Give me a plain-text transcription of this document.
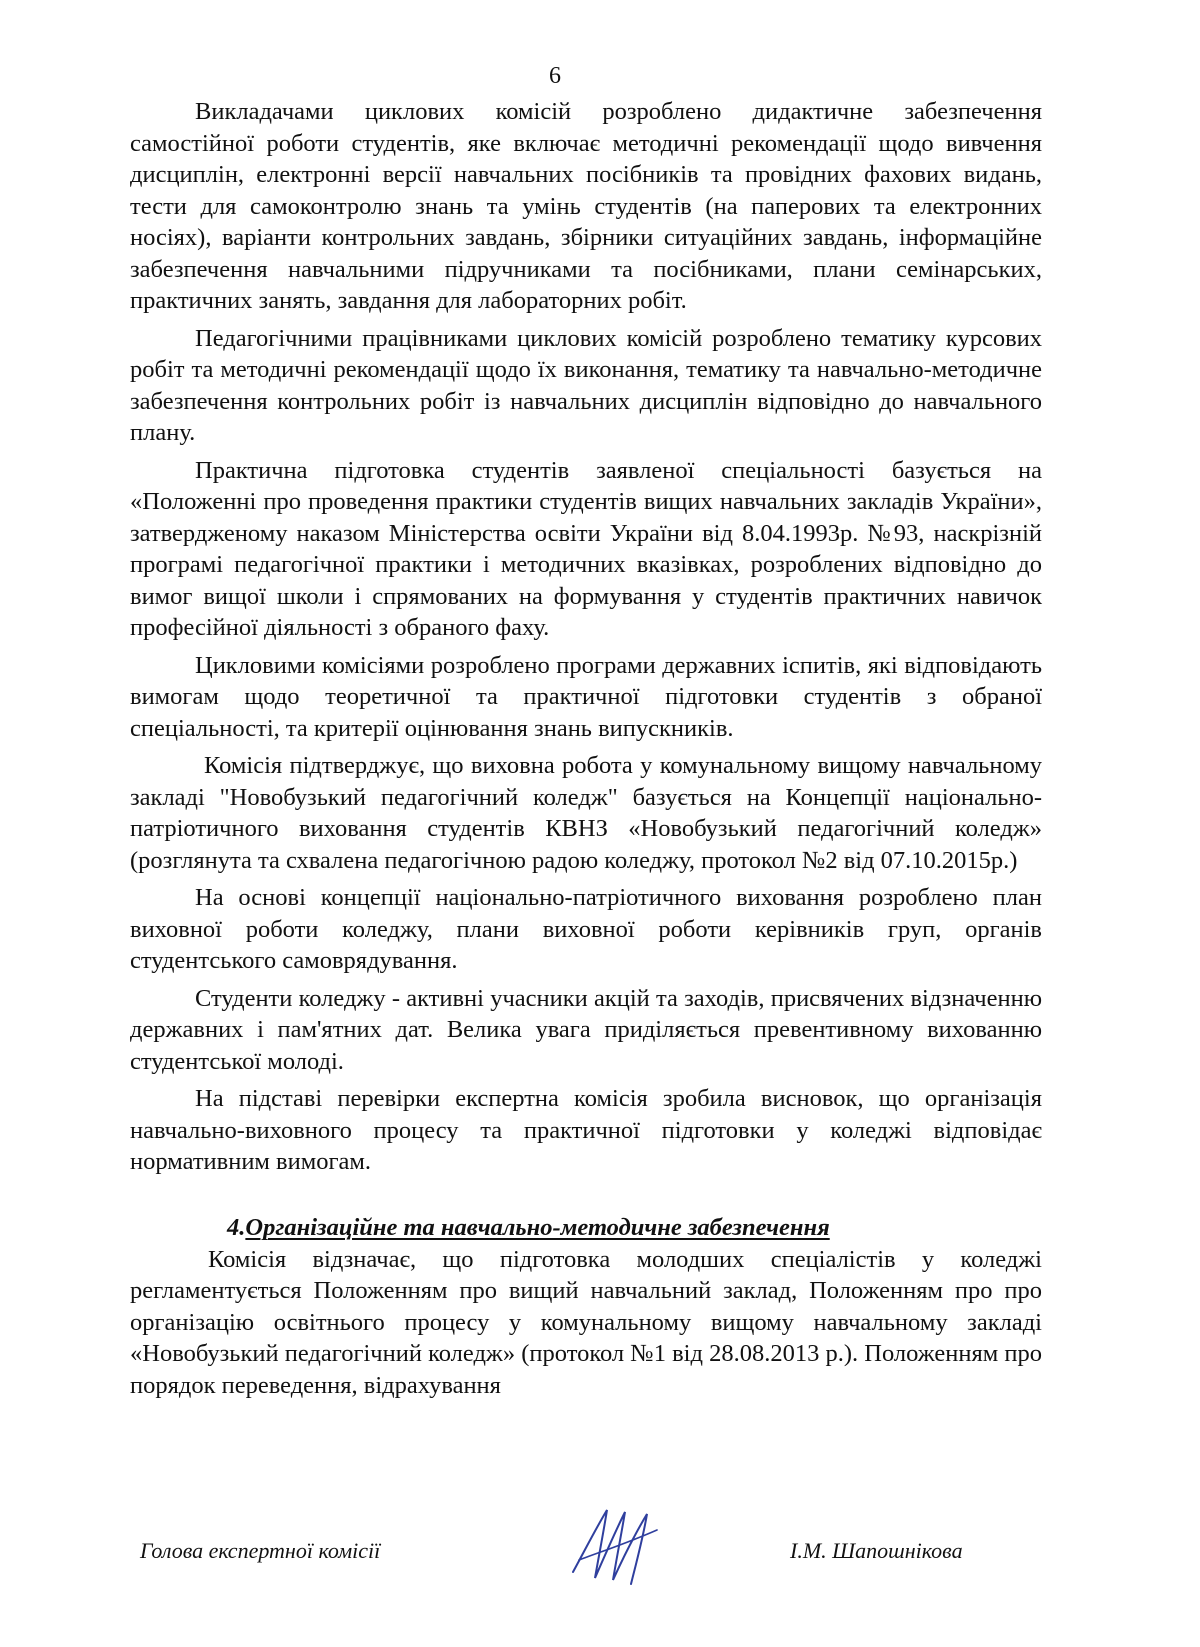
6

Викладачами циклових комісій розроблено дидактичне забезпечення самостійної роботи студентів, яке включає методичні рекомендації щодо вивчення дисциплін, електронні версії навчальних посібників та провідних фахових видань, тести для самоконтролю знань та умінь студентів (на паперових та електронних носіях), варіанти контрольних завдань, збірники ситуаційних завдань, інформаційне забезпечення навчальними підручниками та посібниками, плани семінарських, практичних занять, завдання для лабораторних робіт.

Педагогічними працівниками циклових комісій розроблено тематику курсових робіт та методичні рекомендації щодо їх виконання, тематику та навчально-методичне забезпечення контрольних робіт із навчальних дисциплін відповідно до навчального плану.

Практична підготовка студентів заявленої спеціальності базується на «Положенні про проведення практики студентів вищих навчальних закладів України», затвердженому наказом Міністерства освіти України від 8.04.1993р. №93, наскрізній програмі педагогічної практики і методичних вказівках, розроблених відповідно до вимог вищої школи і спрямованих на формування у студентів практичних навичок професійної діяльності з обраного фаху.

Цикловими комісіями розроблено програми державних іспитів, які відповідають вимогам щодо теоретичної та практичної підготовки студентів з обраної спеціальності, та критерії оцінювання знань випускників.

Комісія підтверджує, що виховна робота у комунальному вищому навчальному закладі "Новобузький педагогічний коледж" базується на Концепції національно-патріотичного виховання студентів КВНЗ «Новобузький педагогічний коледж» (розглянута та схвалена педагогічною радою коледжу, протокол №2 від 07.10.2015р.)

На основі концепції національно-патріотичного виховання розроблено план виховної роботи коледжу, плани виховної роботи керівників груп, органів студентського самоврядування.

Студенти коледжу - активні учасники акцій та заходів, присвячених відзначенню державних і пам'ятних дат. Велика увага приділяється превентивному вихованню студентської молоді.

На підставі перевірки експертна комісія зробила висновок, що організація навчально-виховного процесу та практичної підготовки у коледжі відповідає нормативним вимогам.

4.Організаційне та навчально-методичне забезпечення

Комісія відзначає, що підготовка молодших спеціалістів у коледжі регламентується Положенням про вищий навчальний заклад, Положенням про про організацію освітнього процесу у комунальному вищому навчальному закладі «Новобузький педагогічний коледж» (протокол №1 від 28.08.2013 р.). Положенням про порядок переведення, відрахування

Голова експертної комісії	І.М. Шапошнікова
